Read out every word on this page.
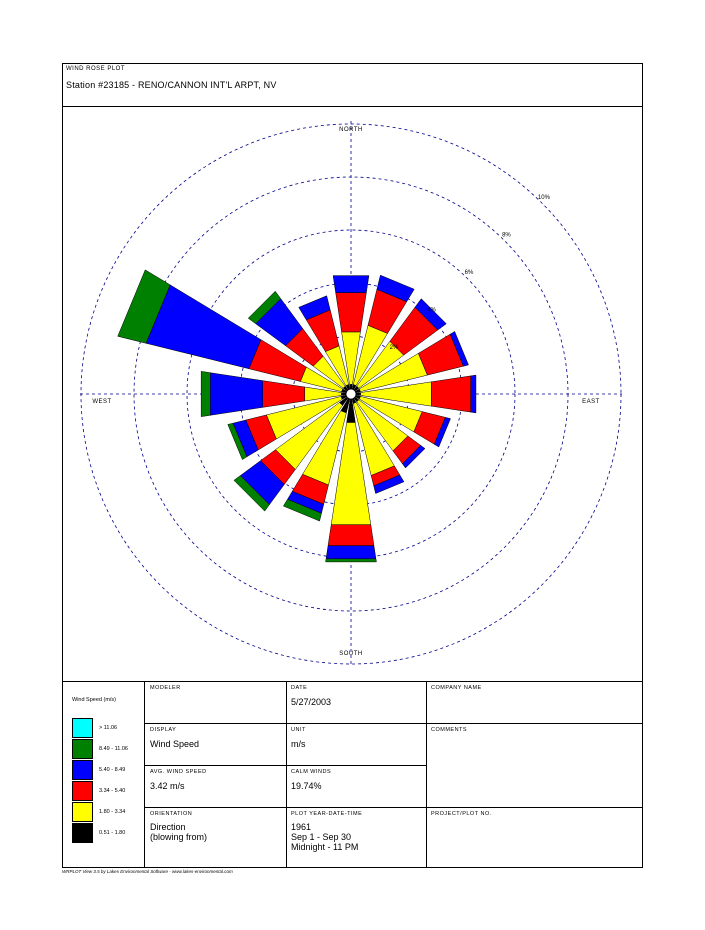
WIND ROSE PLOT
Station #23185 - RENO/CANNON INT'L ARPT, NV
2%
4%
6%
8%
10%
NORTH
SOUTH
EAST
WEST
Wind Speed (m/s)
> 11.06
8.49 - 11.06
5.40 - 8.49
3.34 - 5.40
1.80 - 3.34
0.51 - 1.80
MODELER	DATE
5/27/2003
COMPANY NAME
DISPLAY
Wind Speed
UNIT
m/s
COMMENTS
AVG. WIND SPEED
3.42 m/s
CALM WINDS
19.74%
ORIENTATION
Direction
(blowing from)
PLOT YEAR-DATE-TIME
1961
Sep 1 - Sep 30
Midnight - 11 PM
PROJECT/PLOT NO.
WRPLOT View 3.5 by Lakes Environmental Software - www.lakes-environmental.com
